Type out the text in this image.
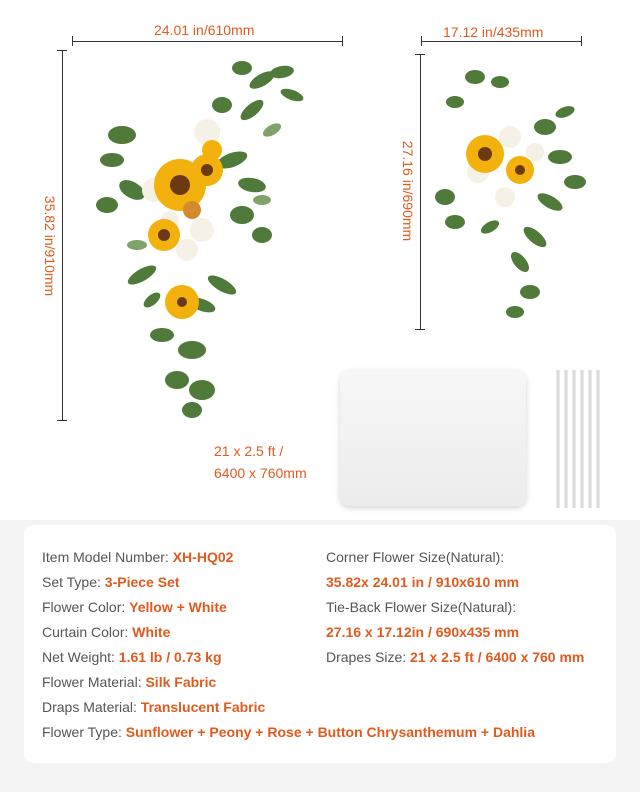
24.01 in/610mm
35.82 in/910mm
17.12 in/435mm
27.16 in/690mm
21 x 2.5 ft /
6400 x 760mm
Item Model Number: XH-HQ02
Set Type: 3-Piece Set
Flower Color: Yellow + White
Curtain Color: White
Net Weight: 1.61 lb / 0.73 kg
Flower Material: Silk Fabric
Draps Material: Translucent Fabric
Flower Type: Sunflower + Peony + Rose + Button Chrysanthemum + Dahlia
Corner Flower Size(Natural):
35.82x 24.01 in / 910x610 mm
Tie-Back Flower Size(Natural):
27.16 x 17.12in / 690x435 mm
Drapes Size: 21 x 2.5 ft / 6400 x 760 mm
